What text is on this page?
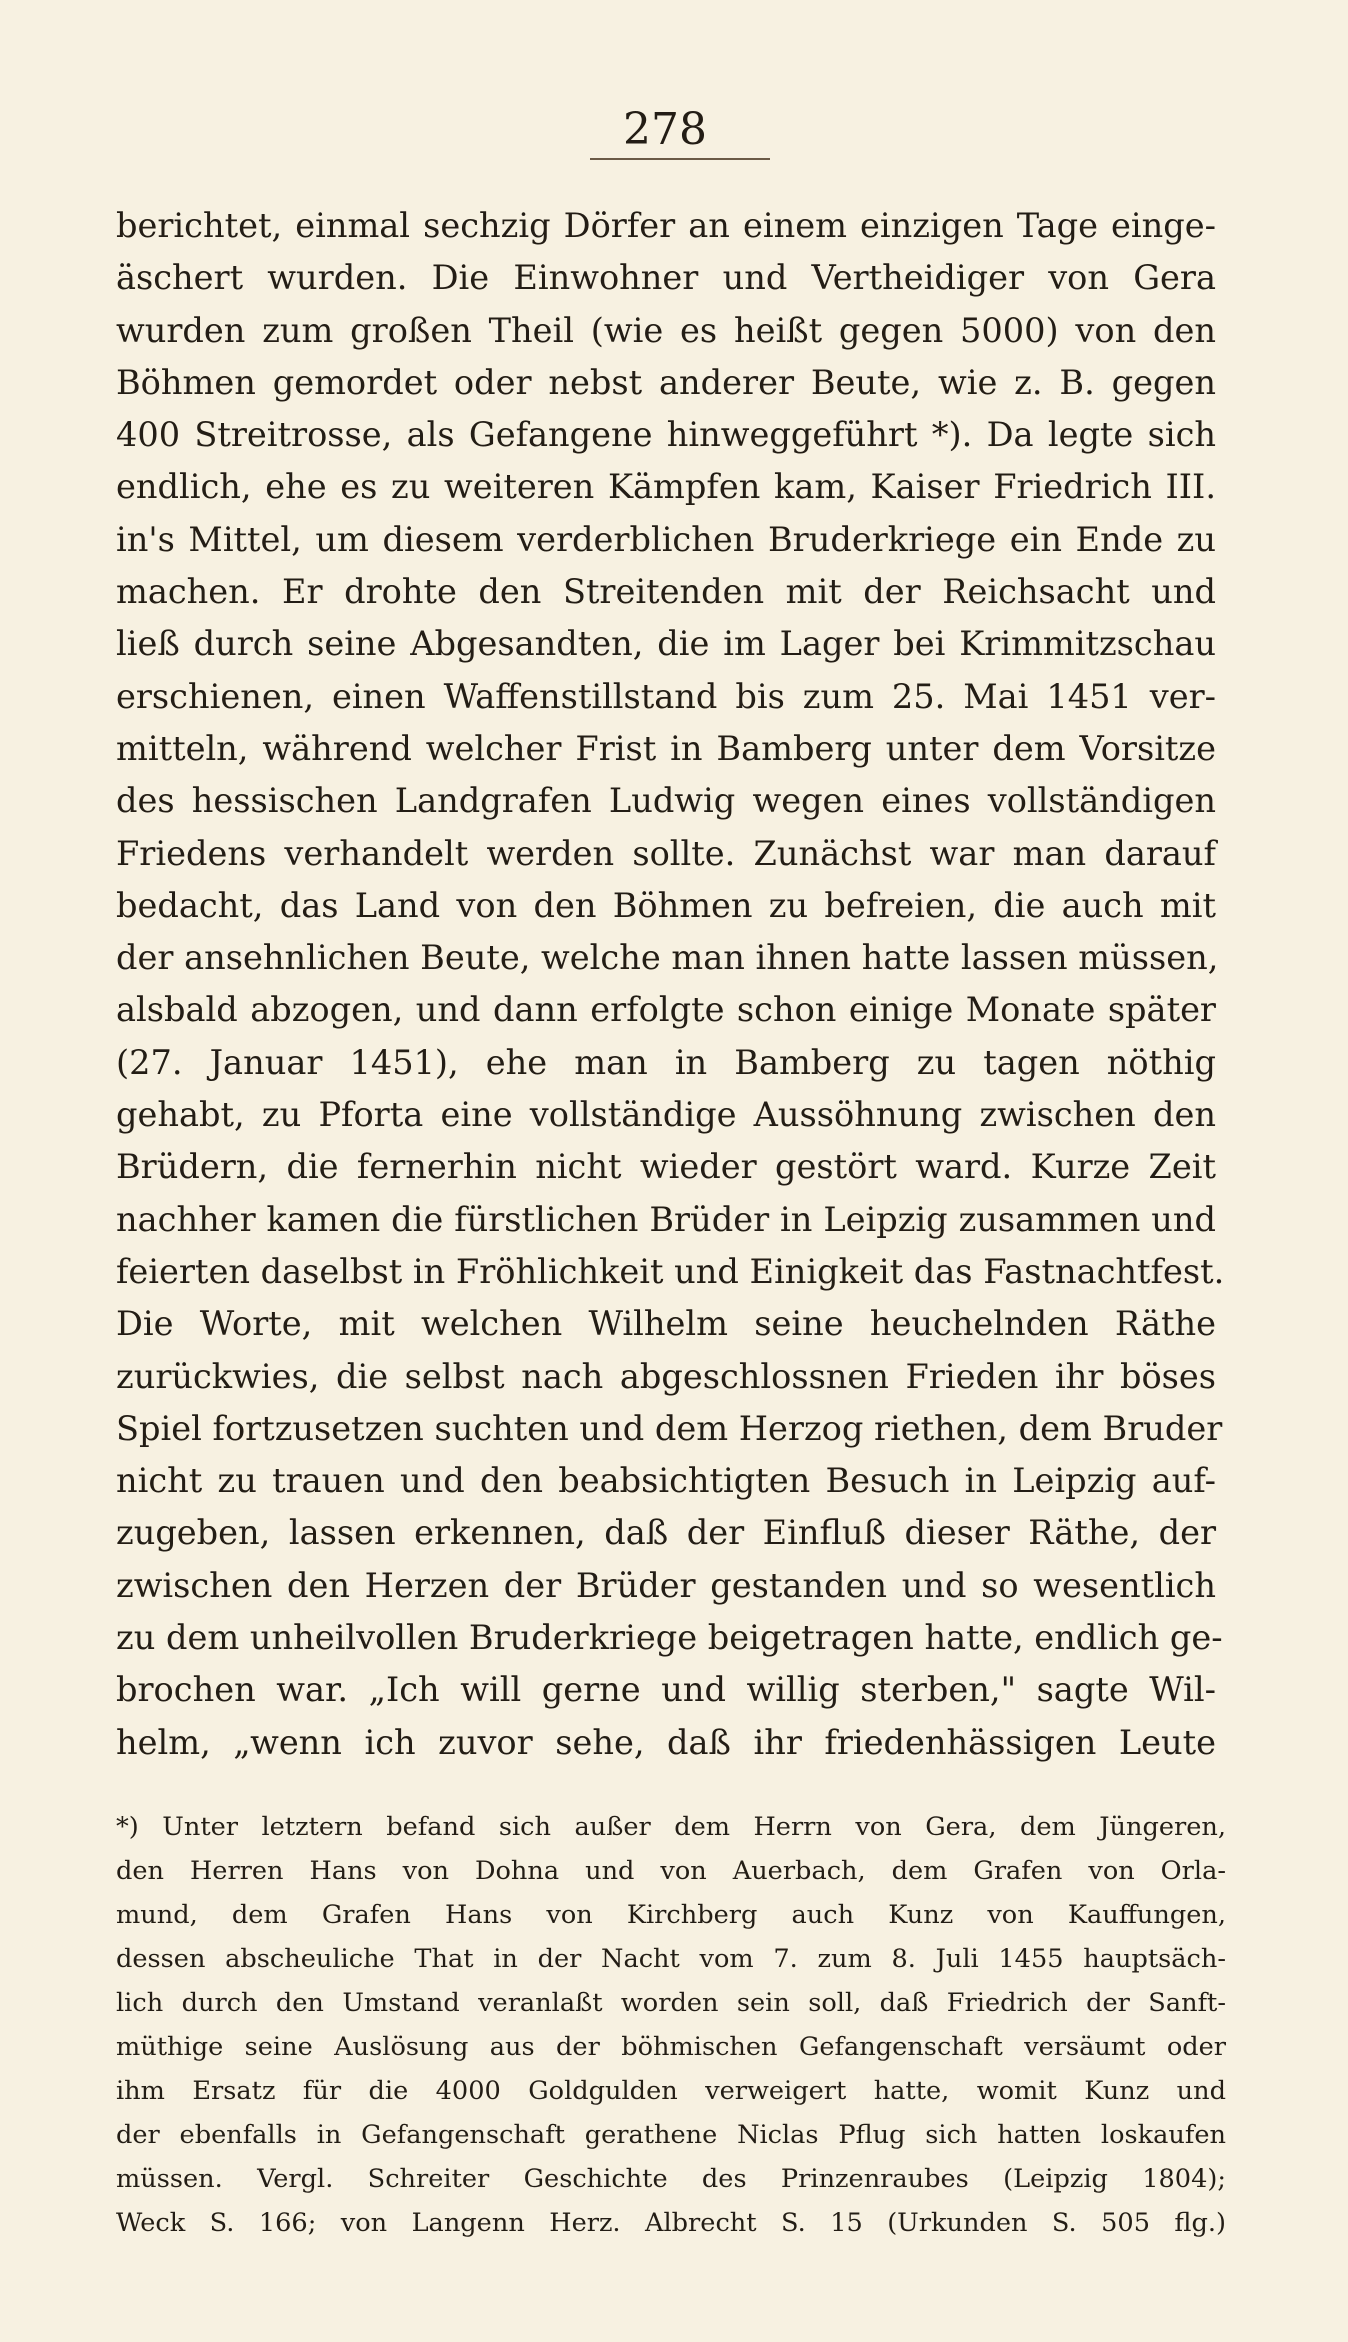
278
berichtet, einmal sechzig Dörfer an einem einzigen Tage einge-
äschert wurden. Die Einwohner und Vertheidiger von Gera
wurden zum großen Theil (wie es heißt gegen 5000) von den
Böhmen gemordet oder nebst anderer Beute, wie z. B. gegen
400 Streitrosse, als Gefangene hinweggeführt *). Da legte sich
endlich, ehe es zu weiteren Kämpfen kam, Kaiser Friedrich III.
in's Mittel, um diesem verderblichen Bruderkriege ein Ende zu
machen. Er drohte den Streitenden mit der Reichsacht und
ließ durch seine Abgesandten, die im Lager bei Krimmitzschau
erschienen, einen Waffenstillstand bis zum 25. Mai 1451 ver-
mitteln, während welcher Frist in Bamberg unter dem Vorsitze
des hessischen Landgrafen Ludwig wegen eines vollständigen
Friedens verhandelt werden sollte. Zunächst war man darauf
bedacht, das Land von den Böhmen zu befreien, die auch mit
der ansehnlichen Beute, welche man ihnen hatte lassen müssen,
alsbald abzogen, und dann erfolgte schon einige Monate später
(27. Januar 1451), ehe man in Bamberg zu tagen nöthig
gehabt, zu Pforta eine vollständige Aussöhnung zwischen den
Brüdern, die fernerhin nicht wieder gestört ward. Kurze Zeit
nachher kamen die fürstlichen Brüder in Leipzig zusammen und
feierten daselbst in Fröhlichkeit und Einigkeit das Fastnachtfest.
Die Worte, mit welchen Wilhelm seine heuchelnden Räthe
zurückwies, die selbst nach abgeschlossnen Frieden ihr böses
Spiel fortzusetzen suchten und dem Herzog riethen, dem Bruder
nicht zu trauen und den beabsichtigten Besuch in Leipzig auf-
zugeben, lassen erkennen, daß der Einfluß dieser Räthe, der
zwischen den Herzen der Brüder gestanden und so wesentlich
zu dem unheilvollen Bruderkriege beigetragen hatte, endlich ge-
brochen war. „Ich will gerne und willig sterben," sagte Wil-
helm, „wenn ich zuvor sehe, daß ihr friedenhässigen Leute
*) Unter letztern befand sich außer dem Herrn von Gera, dem Jüngeren,
den Herren Hans von Dohna und von Auerbach, dem Grafen von Orla-
mund, dem Grafen Hans von Kirchberg auch Kunz von Kauffungen,
dessen abscheuliche That in der Nacht vom 7. zum 8. Juli 1455 hauptsäch-
lich durch den Umstand veranlaßt worden sein soll, daß Friedrich der Sanft-
müthige seine Auslösung aus der böhmischen Gefangenschaft versäumt oder
ihm Ersatz für die 4000 Goldgulden verweigert hatte, womit Kunz und
der ebenfalls in Gefangenschaft gerathene Niclas Pflug sich hatten loskaufen
müssen. Vergl. Schreiter Geschichte des Prinzenraubes (Leipzig 1804);
Weck S. 166; von Langenn Herz. Albrecht S. 15 (Urkunden S. 505 flg.)
